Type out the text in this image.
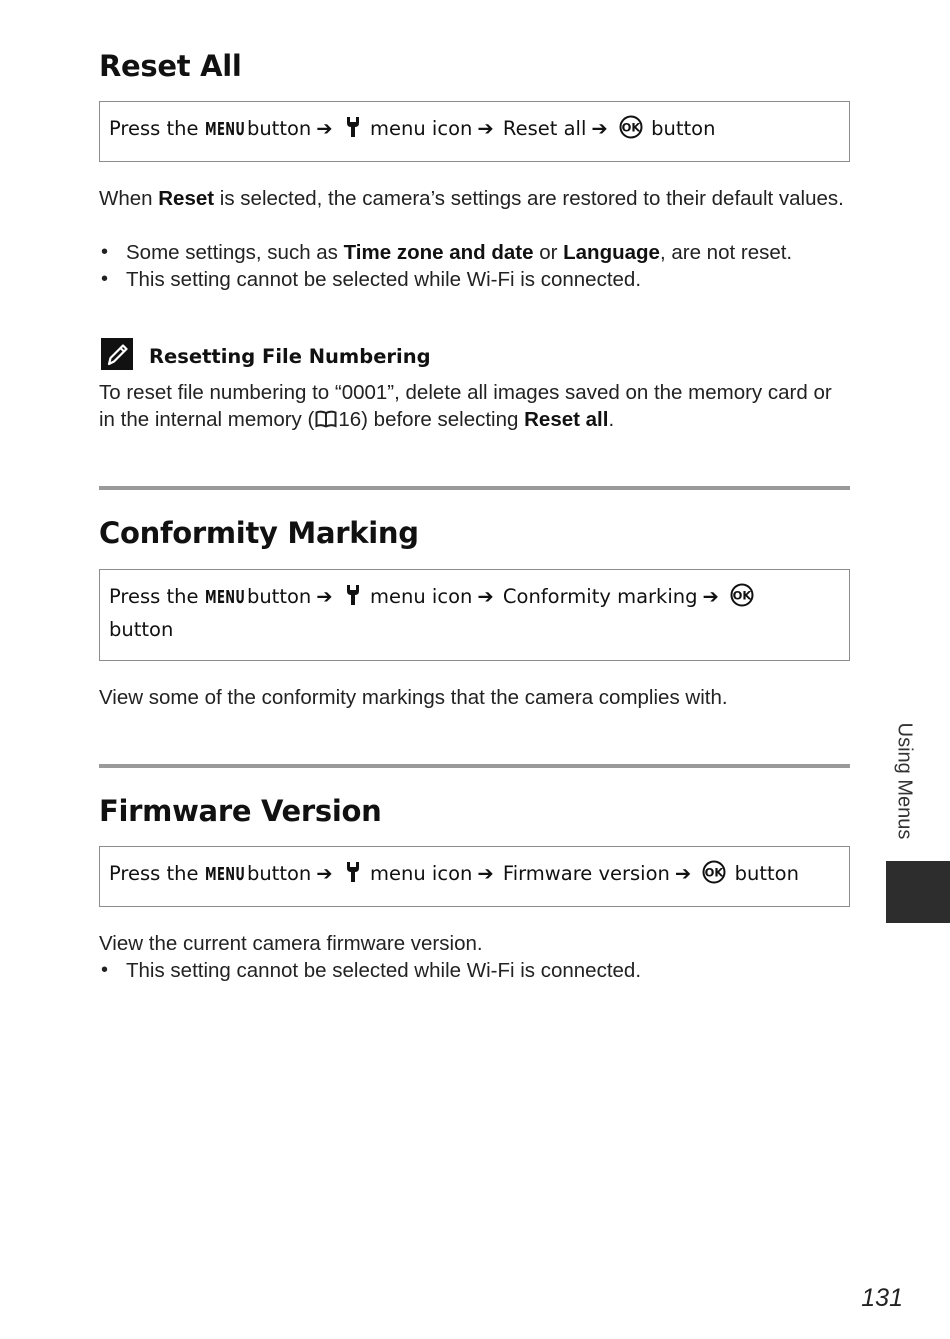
Reset All
Press the MENU button ➔ menu icon ➔ Reset all ➔ OK button

When Reset is selected, the camera’s settings are restored to their default values.

• Some settings, such as Time zone and date or Language, are not reset.
• This setting cannot be selected while Wi-Fi is connected.
Resetting File Numbering

To reset file numbering to “0001”, delete all images saved on the memory card or in the internal memory ( 16) before selecting Reset all.

Conformity Marking
Press the MENU button ➔ menu icon ➔ Conformity marking ➔ OK

button

View some of the conformity markings that the camera complies with.

Firmware Version
Press the MENU button ➔ menu icon ➔ Firmware version ➔ OK button

View the current camera firmware version.

• This setting cannot be selected while Wi-Fi is connected.
Using Menus
131
